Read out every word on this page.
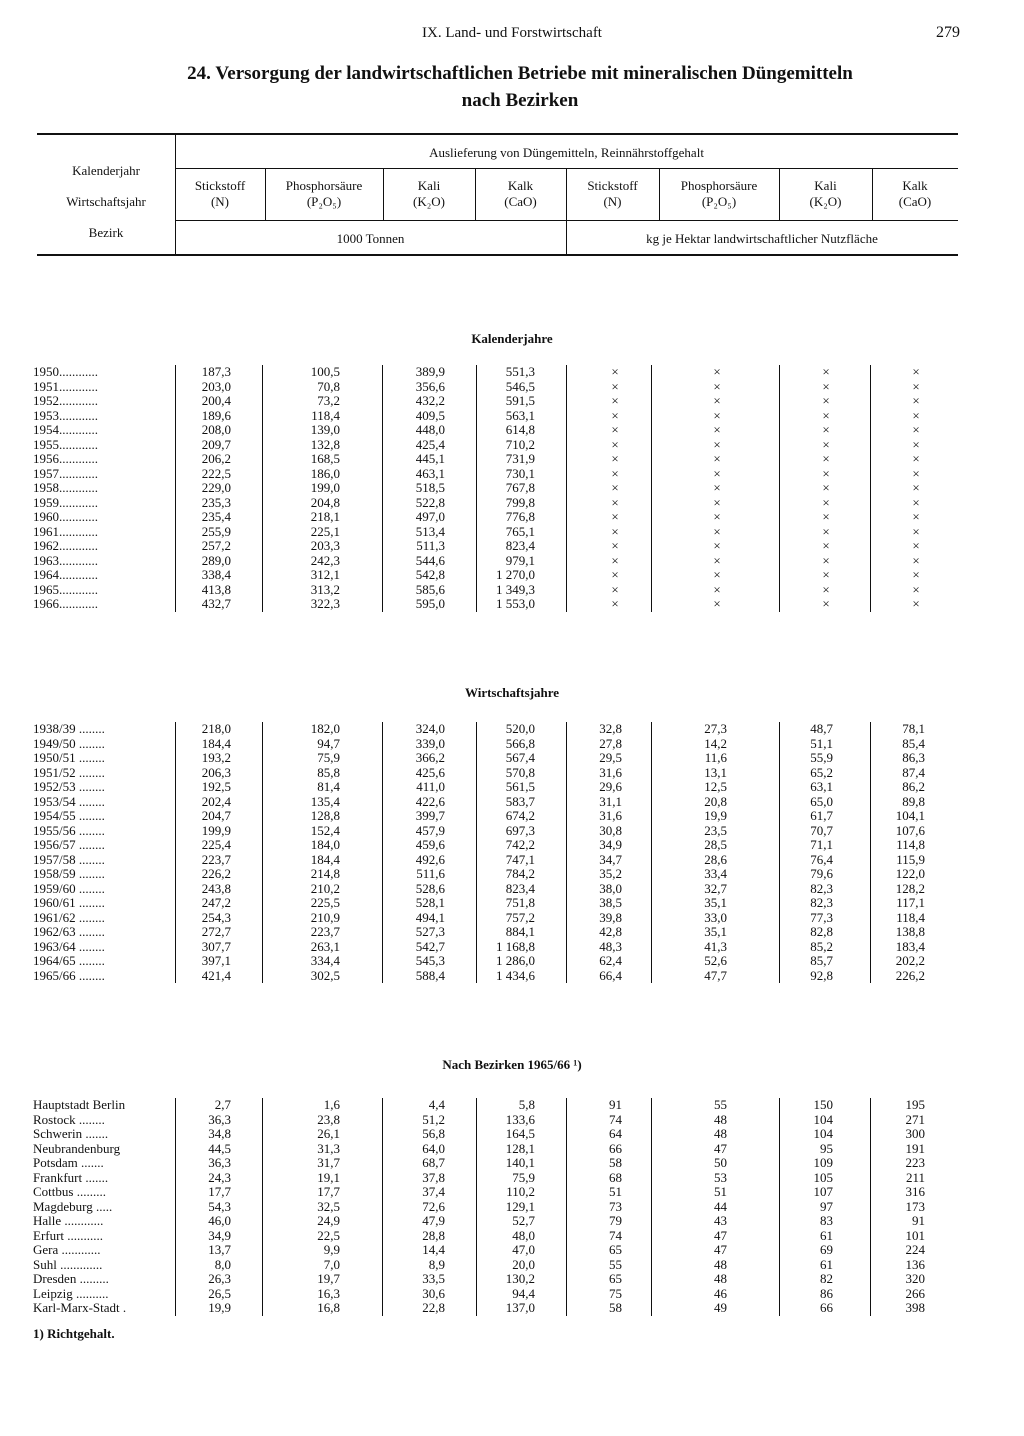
IX. Land- und Forstwirtschaft	279
24. Versorgung der landwirtschaftlichen Betriebe mit mineralischen Düngemitteln
nach Bezirken
Kalenderjahr
Wirtschaftsjahr
Bezirk
Auslieferung von Düngemitteln, Reinnährstoffgehalt
Stickstoff
(N)
Phosphorsäure
(P₂O₅)
Kali
(K₂O)
Kalk
(CaO)
Stickstoff
(N)
Phosphorsäure
(P₂O₅)
Kali
(K₂O)
Kalk
(CaO)
1000 Tonnen	kg je Hektar landwirtschaftlicher Nutzfläche
Kalenderjahre
1950............	187,3	100,5	389,9	551,3	×	×	×	×
1951............	203,0	70,8	356,6	546,5	×	×	×	×
1952............	200,4	73,2	432,2	591,5	×	×	×	×
1953............	189,6	118,4	409,5	563,1	×	×	×	×
1954............	208,0	139,0	448,0	614,8	×	×	×	×
1955............	209,7	132,8	425,4	710,2	×	×	×	×
1956............	206,2	168,5	445,1	731,9	×	×	×	×
1957............	222,5	186,0	463,1	730,1	×	×	×	×
1958............	229,0	199,0	518,5	767,8	×	×	×	×
1959............	235,3	204,8	522,8	799,8	×	×	×	×
1960............	235,4	218,1	497,0	776,8	×	×	×	×
1961............	255,9	225,1	513,4	765,1	×	×	×	×
1962............	257,2	203,3	511,3	823,4	×	×	×	×
1963............	289,0	242,3	544,6	979,1	×	×	×	×
1964............	338,4	312,1	542,8	1 270,0	×	×	×	×
1965............	413,8	313,2	585,6	1 349,3	×	×	×	×
1966............	432,7	322,3	595,0	1 553,0	×	×	×	×
Wirtschaftsjahre
1938/39 ........	218,0	182,0	324,0	520,0	32,8	27,3	48,7	78,1
1949/50 ........	184,4	94,7	339,0	566,8	27,8	14,2	51,1	85,4
1950/51 ........	193,2	75,9	366,2	567,4	29,5	11,6	55,9	86,3
1951/52 ........	206,3	85,8	425,6	570,8	31,6	13,1	65,2	87,4
1952/53 ........	192,5	81,4	411,0	561,5	29,6	12,5	63,1	86,2
1953/54 ........	202,4	135,4	422,6	583,7	31,1	20,8	65,0	89,8
1954/55 ........	204,7	128,8	399,7	674,2	31,6	19,9	61,7	104,1
1955/56 ........	199,9	152,4	457,9	697,3	30,8	23,5	70,7	107,6
1956/57 ........	225,4	184,0	459,6	742,2	34,9	28,5	71,1	114,8
1957/58 ........	223,7	184,4	492,6	747,1	34,7	28,6	76,4	115,9
1958/59 ........	226,2	214,8	511,6	784,2	35,2	33,4	79,6	122,0
1959/60 ........	243,8	210,2	528,6	823,4	38,0	32,7	82,3	128,2
1960/61 ........	247,2	225,5	528,1	751,8	38,5	35,1	82,3	117,1
1961/62 ........	254,3	210,9	494,1	757,2	39,8	33,0	77,3	118,4
1962/63 ........	272,7	223,7	527,3	884,1	42,8	35,1	82,8	138,8
1963/64 ........	307,7	263,1	542,7	1 168,8	48,3	41,3	85,2	183,4
1964/65 ........	397,1	334,4	545,3	1 286,0	62,4	52,6	85,7	202,2
1965/66 ........	421,4	302,5	588,4	1 434,6	66,4	47,7	92,8	226,2
Nach Bezirken 1965/66 ¹)
Hauptstadt Berlin	2,7	1,6	4,4	5,8	91	55	150	195
Rostock ........	36,3	23,8	51,2	133,6	74	48	104	271
Schwerin .......	34,8	26,1	56,8	164,5	64	48	104	300
Neubrandenburg	44,5	31,3	64,0	128,1	66	47	95	191
Potsdam .......	36,3	31,7	68,7	140,1	58	50	109	223
Frankfurt .......	24,3	19,1	37,8	75,9	68	53	105	211
Cottbus .........	17,7	17,7	37,4	110,2	51	51	107	316
Magdeburg .....	54,3	32,5	72,6	129,1	73	44	97	173
Halle ............	46,0	24,9	47,9	52,7	79	43	83	91
Erfurt ...........	34,9	22,5	28,8	48,0	74	47	61	101
Gera ............	13,7	9,9	14,4	47,0	65	47	69	224
Suhl .............	8,0	7,0	8,9	20,0	55	48	61	136
Dresden .........	26,3	19,7	33,5	130,2	65	48	82	320
Leipzig ..........	26,5	16,3	30,6	94,4	75	46	86	266
Karl-Marx-Stadt .	19,9	16,8	22,8	137,0	58	49	66	398
1) Richtgehalt.
